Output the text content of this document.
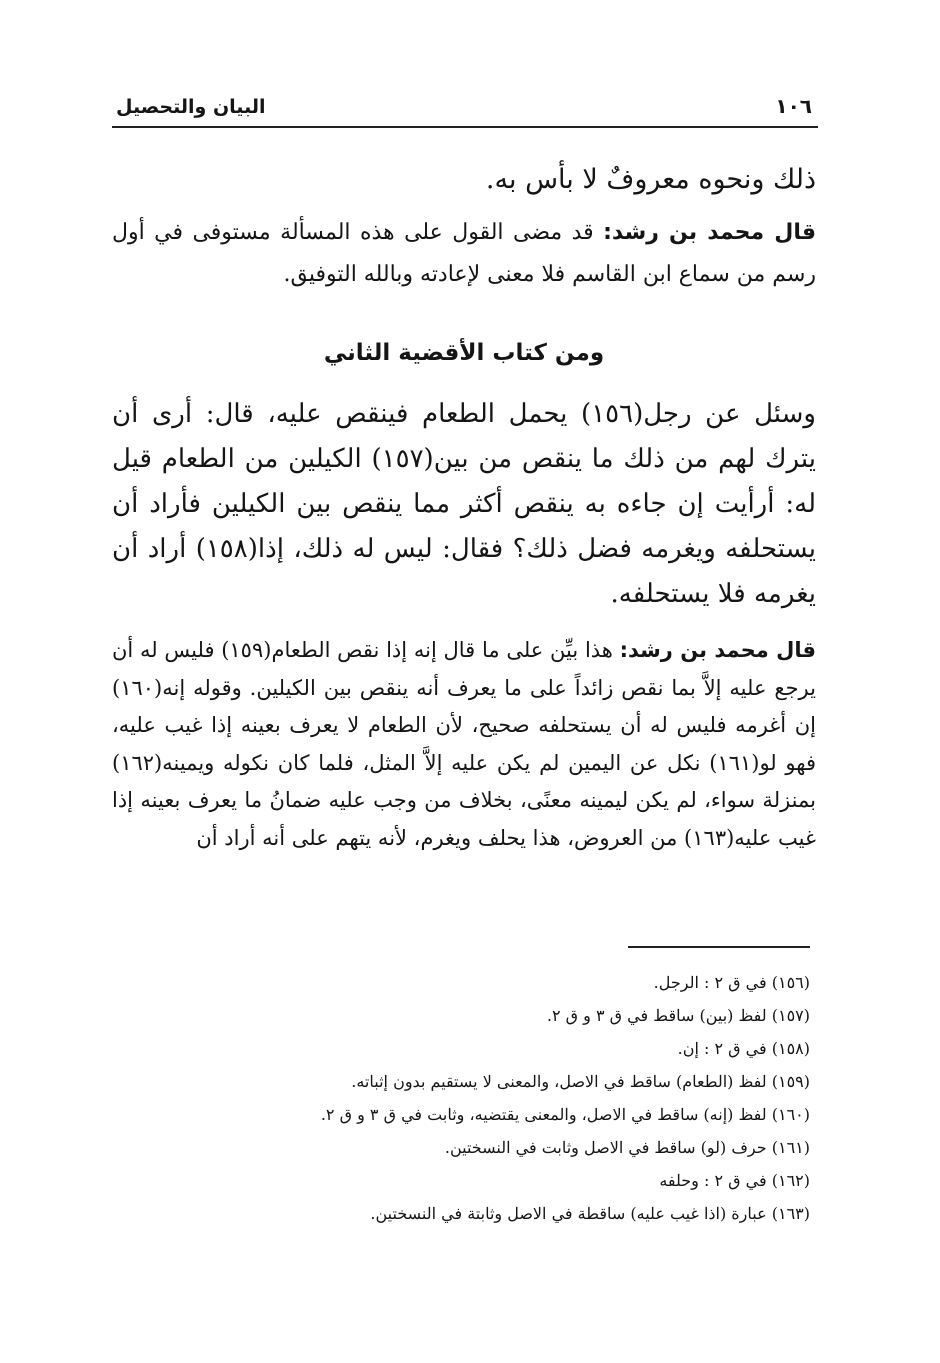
١٠٦
البيان والتحصيل

ذلك ونحوه معروفٌ لا بأس به.

قال محمد بن رشد: قد مضى القول على هذه المسألة مستوفى في أول رسم من سماع ابن القاسم فلا معنى لإعادته وبالله التوفيق.

ومن كتاب الأقضية الثاني

وسئل عن رجل(١٥٦) يحمل الطعام فينقص عليه، قال: أرى أن يترك لهم من ذلك ما ينقص من بين(١٥٧) الكيلين من الطعام قيل له: أرأيت إن جاءه به ينقص أكثر مما ينقص بين الكيلين فأراد أن يستحلفه ويغرمه فضل ذلك؟ فقال: ليس له ذلك، إذا(١٥٨) أراد أن يغرمه فلا يستحلفه.

قال محمد بن رشد: هذا بيِّن على ما قال إنه إذا نقص الطعام(١٥٩) فليس له أن يرجع عليه إلاَّ بما نقص زائداً على ما يعرف أنه ينقص بين الكيلين. وقوله إنه(١٦٠) إن أغرمه فليس له أن يستحلفه صحيح، لأن الطعام لا يعرف بعينه إذا غيب عليه، فهو لو(١٦١) نكل عن اليمين لم يكن عليه إلاَّ المثل، فلما كان نكوله ويمينه(١٦٢) بمنزلة سواء، لم يكن ليمينه معنًى، بخلاف من وجب عليه ضمانُ ما يعرف بعينه إذا غيب عليه(١٦٣) من العروض، هذا يحلف ويغرم، لأنه يتهم على أنه أراد أن

(١٥٦) في ق ٢ : الرجل.
(١٥٧) لفظ (بين) ساقط في ق ٣ و ق ٢.
(١٥٨) في ق ٢ : إن.
(١٥٩) لفظ (الطعام) ساقط في الاصل، والمعنى لا يستقيم بدون إثباته.
(١٦٠) لفظ (إنه) ساقط في الاصل، والمعنى يقتضيه، وثابت في ق ٣ و ق ٢.
(١٦١) حرف (لو) ساقط في الاصل وثابت في النسختين.
(١٦٢) في ق ٢ : وحلفه
(١٦٣) عبارة (اذا غيب عليه) ساقطة في الاصل وثابتة في النسختين.
